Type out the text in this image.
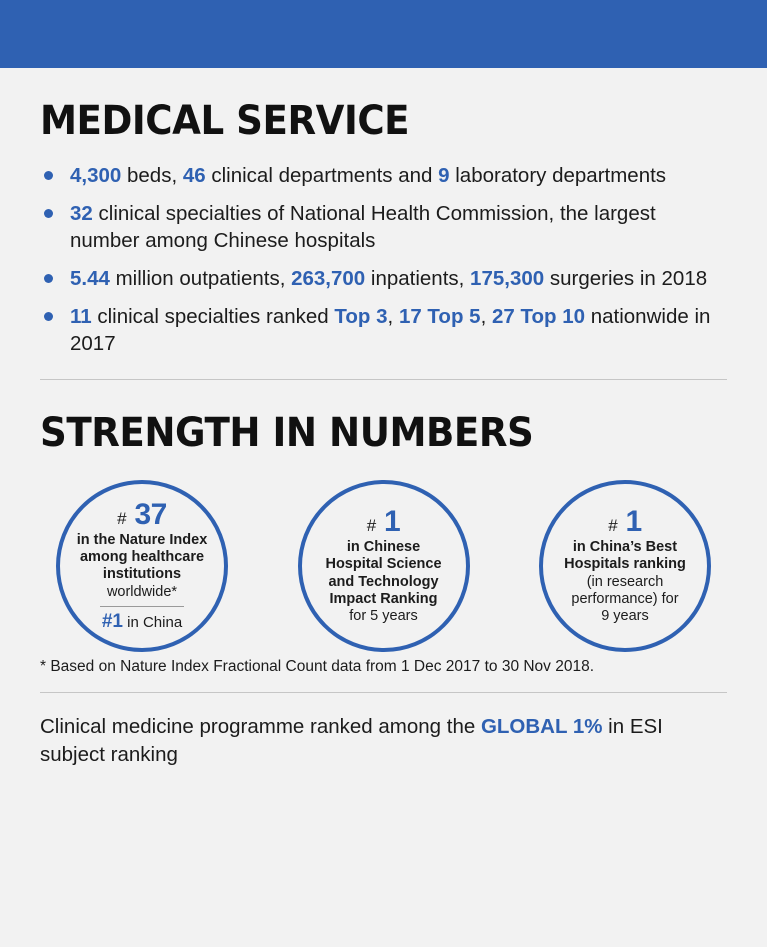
MEDICAL SERVICE
4,300 beds, 46 clinical departments and 9 laboratory departments
32 clinical specialties of National Health Commission, the largest number among Chinese hospitals
5.44 million outpatients, 263,700 inpatients, 175,300 surgeries in 2018
11 clinical specialties ranked Top 3, 17 Top 5, 27 Top 10 nationwide in 2017
STRENGTH IN NUMBERS
# 37
in the Nature Index
among healthcare
institutions
worldwide*
#1 in China
# 1
in Chinese
Hospital Science
and Technology
Impact Ranking
for 5 years
# 1
in China’s Best
Hospitals ranking
(in research
performance) for
9 years
* Based on Nature Index Fractional Count data from 1 Dec 2017 to 30 Nov 2018.
Clinical medicine programme ranked among the GLOBAL 1% in ESI subject ranking
